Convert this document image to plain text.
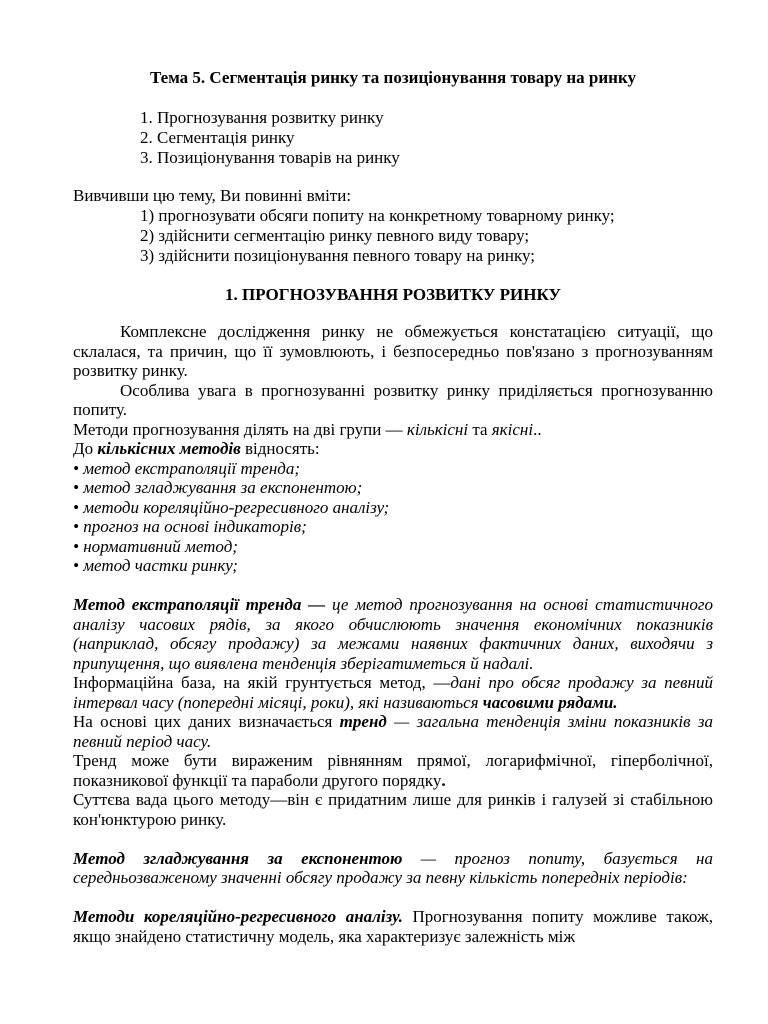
Тема 5. Сегментація ринку та позиціонування товару на ринку
1. Прогнозування розвитку ринку
2. Сегментація ринку
3. Позиціонування товарів на ринку
Вивчивши цю тему, Ви повинні вміти:
1) прогнозувати обсяги попиту на конкретному товарному ринку;
2) здійснити сегментацію ринку певного виду товару;
3) здійснити позиціонування певного товару на ринку;
1. ПРОГНОЗУВАННЯ РОЗВИТКУ РИНКУ

Комплексне дослідження ринку не обмежується констатацією ситуації, що склалася, та причин, що її зумовлюють, і безпосередньо пов'язано з прогнозуванням розвитку ринку.

Особлива увага в прогнозуванні розвитку ринку приділяється прогнозуванню попиту.

Методи прогнозування ділять на дві групи — кількісні та якісні..

До кількісних методів відносять:

• метод екстраполяції тренда;
• метод згладжування за експонентою;
• методи кореляційно-регресивного аналізу;
• прогноз на основі індикаторів;
• нормативний метод;
• метод частки ринку;

Метод екстраполяції тренда — це метод прогнозування на основі статистичного аналізу часових рядів, за якого обчислюють значення економічних показників (наприклад, обсягу продажу) за межами наявних фактичних даних, виходячи з припущення, що виявлена тенденція зберігатиметься й надалі.

Інформаційна база, на якій грунтується метод, —дані про обсяг продажу за певний інтервал часу (попередні місяці, роки), які називаються часовими рядами.

На основі цих даних визначається тренд — загальна тенденція зміни показників за певний період часу.

Тренд може бути вираженим рівнянням прямої, логарифмічної, гіперболічної, показникової функції та параболи другого порядку.

Суттєва вада цього методу—він є придатним лише для ринків і галузей зі стабільною кон'юнктурою ринку.

Метод згладжування за експонентою — прогноз попиту, базується на середньозваженому значенні обсягу продажу за певну кількість попередніх періодів:

Методи кореляційно-регресивного аналізу. Прогнозування попиту можливе також, якщо знайдено статистичну модель, яка характеризує залежність між
